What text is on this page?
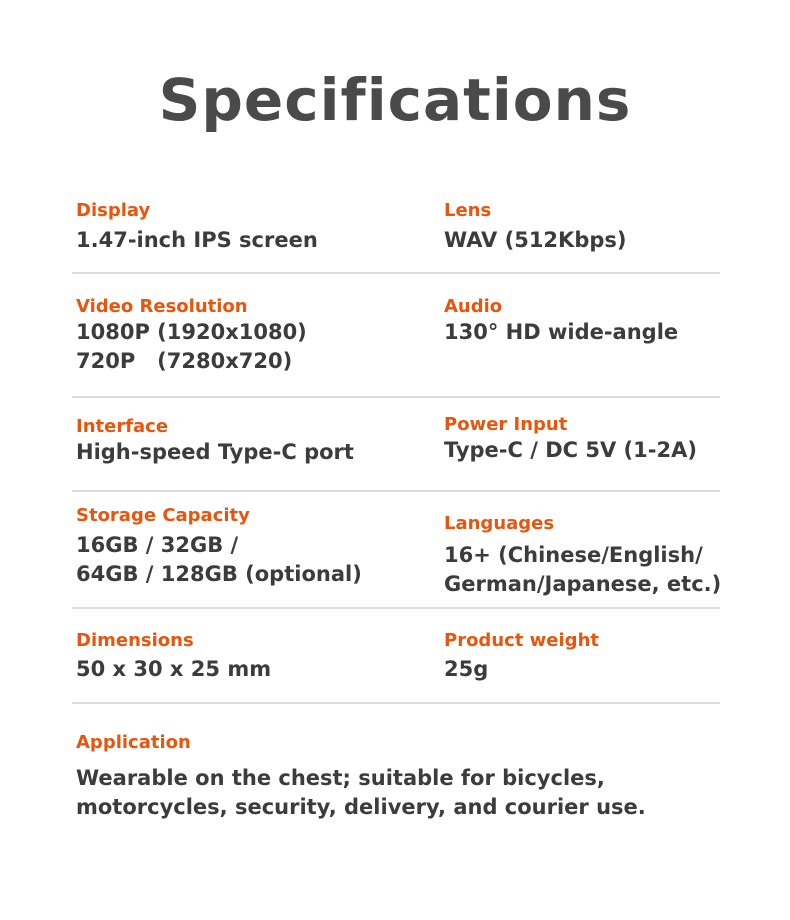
Specifications
Display
1.47-inch IPS screen
Lens
WAV (512Kbps)
Video Resolution
1080P (1920x1080)
720P   (7280x720)
Audio
130° HD wide-angle
Interface
High-speed Type-C port
Power Input
Type-C / DC 5V (1-2A)
Storage Capacity
16GB / 32GB /
64GB / 128GB (optional)
Languages
16+ (Chinese/English/
German/Japanese, etc.)
Dimensions
50 x 30 x 25 mm
Product weight
25g
Application
Wearable on the chest; suitable for bicycles, motorcycles, security, delivery, and courier use.
